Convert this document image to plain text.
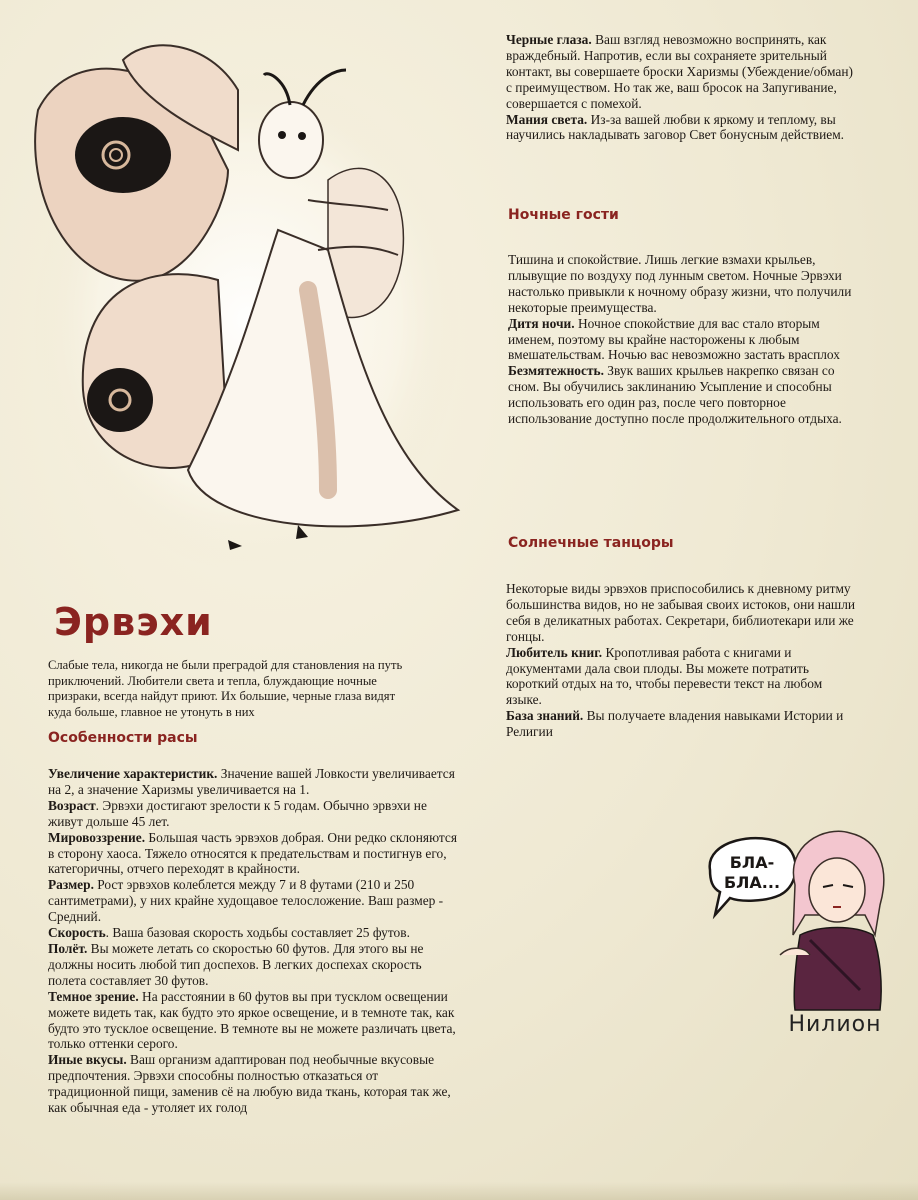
Эрвэхи

Слабые тела, никогда не были преградой для становления на путь приключений. Любители света и тепла, блуждающие ночные призраки, всегда найдут приют. Их большие, черные глаза видят куда больше, главное не утонуть в них

Особенности расы

Увеличение характеристик. Значение вашей Ловкости увеличивается на 2, а значение Харизмы увеличивается на 1.

Возраст. Эрвэхи достигают зрелости к 5 годам. Обычно эрвэхи не живут дольше 45 лет.

Мировоззрение. Большая часть эрвэхов добрая. Они редко склоняются в сторону хаоса. Тяжело относятся к предательствам и постигнув его, категоричны, отчего переходят в крайности.

Размер. Рост эрвэхов колеблется между 7 и 8 футами (210 и 250 сантиметрами), у них крайне худощавое телосложение. Ваш размер - Средний.

Скорость. Ваша базовая скорость ходьбы составляет 25 футов.

Полёт. Вы можете летать со скоростью 60 футов. Для этого вы не должны носить любой тип доспехов. В легких доспехах скорость полета составляет 30 футов.

Темное зрение. На расстоянии в 60 футов вы при тусклом освещении можете видеть так, как будто это яркое освещение, и в темноте так, как будто это тусклое освещение. В темноте вы не можете различать цвета, только оттенки серого.

Иные вкусы. Ваш организм адаптирован под необычные вкусовые предпочтения. Эрвэхи способны полностью отказаться от традиционной пищи, заменив сё на любую вида ткань, которая так же, как обычная еда - утоляет их голод

Черные глаза. Ваш взгляд невозможно воспринять, как враждебный. Напротив, если вы сохраняете зрительный контакт, вы совершаете броски Харизмы (Убеждение/обман) с преимуществом. Но так же, ваш бросок на Запугивание, совершается с помехой.

Мания света. Из-за вашей любви к яркому и теплому, вы научились накладывать заговор Свет бонусным действием.

Ночные гости

Тишина и спокойствие. Лишь легкие взмахи крыльев, плывущие по воздуху под лунным светом. Ночные Эрвэхи настолько привыкли к ночному образу жизни, что получили некоторые преимущества.

Дитя ночи. Ночное спокойствие для вас стало вторым именем, поэтому вы крайне насторожены к любым вмешательствам. Ночью вас невозможно застать врасплох

Безмятежность. Звук ваших крыльев накрепко связан со сном. Вы обучились заклинанию Усыпление и способны использовать его один раз, после чего повторное использование доступно после продолжительного отдыха.

Солнечные танцоры

Некоторые виды эрвэхов приспособились к дневному ритму большинства видов, но не забывая своих истоков, они нашли себя в деликатных работах. Секретари, библиотекари или же гонцы.

Любитель книг. Кропотливая работа с книгами и документами дала свои плоды. Вы можете потратить короткий отдых на то, чтобы перевести текст на любом языке.

База знаний. Вы получаете владения навыками Истории и Религии

БЛА-
БЛА...
Нилион
